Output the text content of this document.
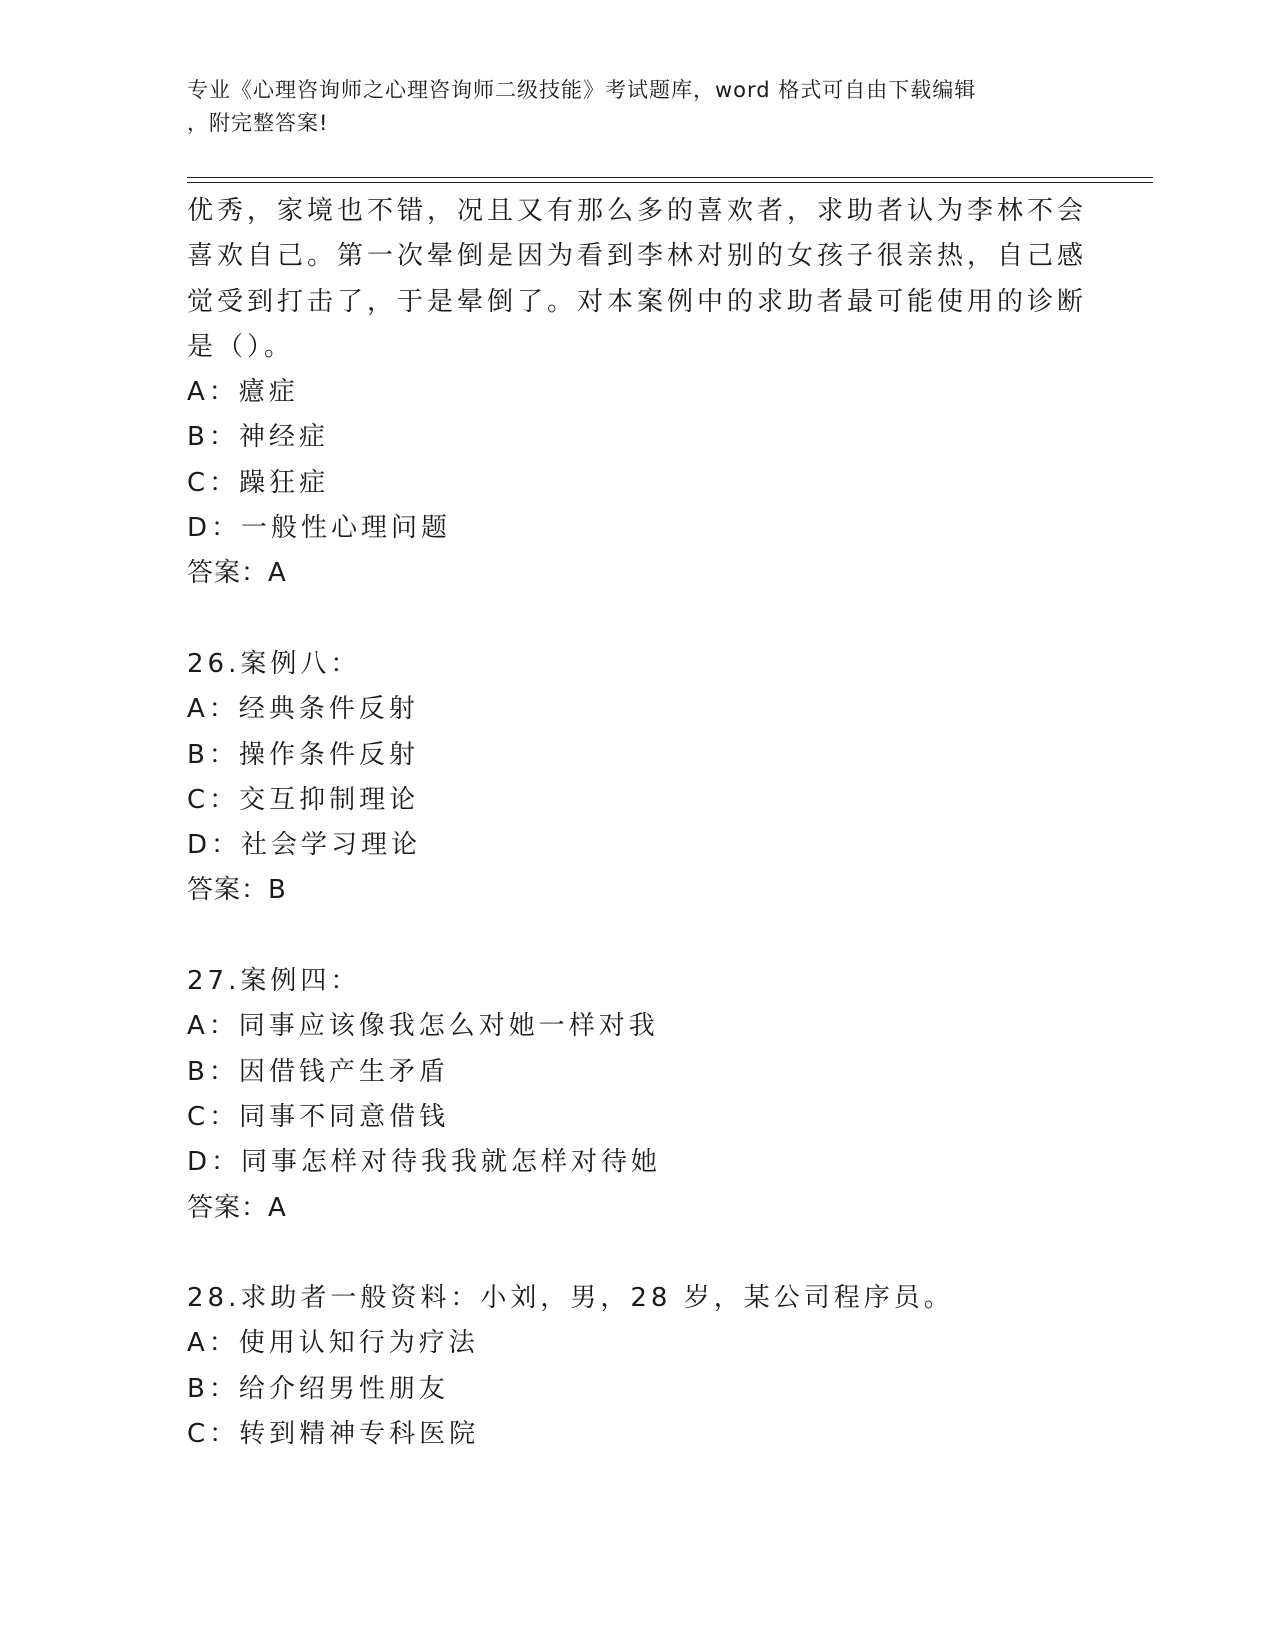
专业《心理咨询师之心理咨询师二级技能》考试题库，word 格式可自由下载编辑
，附完整答案!
优秀，家境也不错，况且又有那么多的喜欢者，求助者认为李林不会
喜欢自己。第一次晕倒是因为看到李林对别的女孩子很亲热，自己感
觉受到打击了，于是晕倒了。对本案例中的求助者最可能使用的诊断
是（）。
A：癔症
B：神经症
C：躁狂症
D：一般性心理问题
答案：A
26.案例八：
A：经典条件反射
B：操作条件反射
C：交互抑制理论
D：社会学习理论
答案：B
27.案例四：
A：同事应该像我怎么对她一样对我
B：因借钱产生矛盾
C：同事不同意借钱
D：同事怎样对待我我就怎样对待她
答案：A
28.求助者一般资料：小刘，男，28 岁，某公司程序员。
A：使用认知行为疗法
B：给介绍男性朋友
C：转到精神专科医院
